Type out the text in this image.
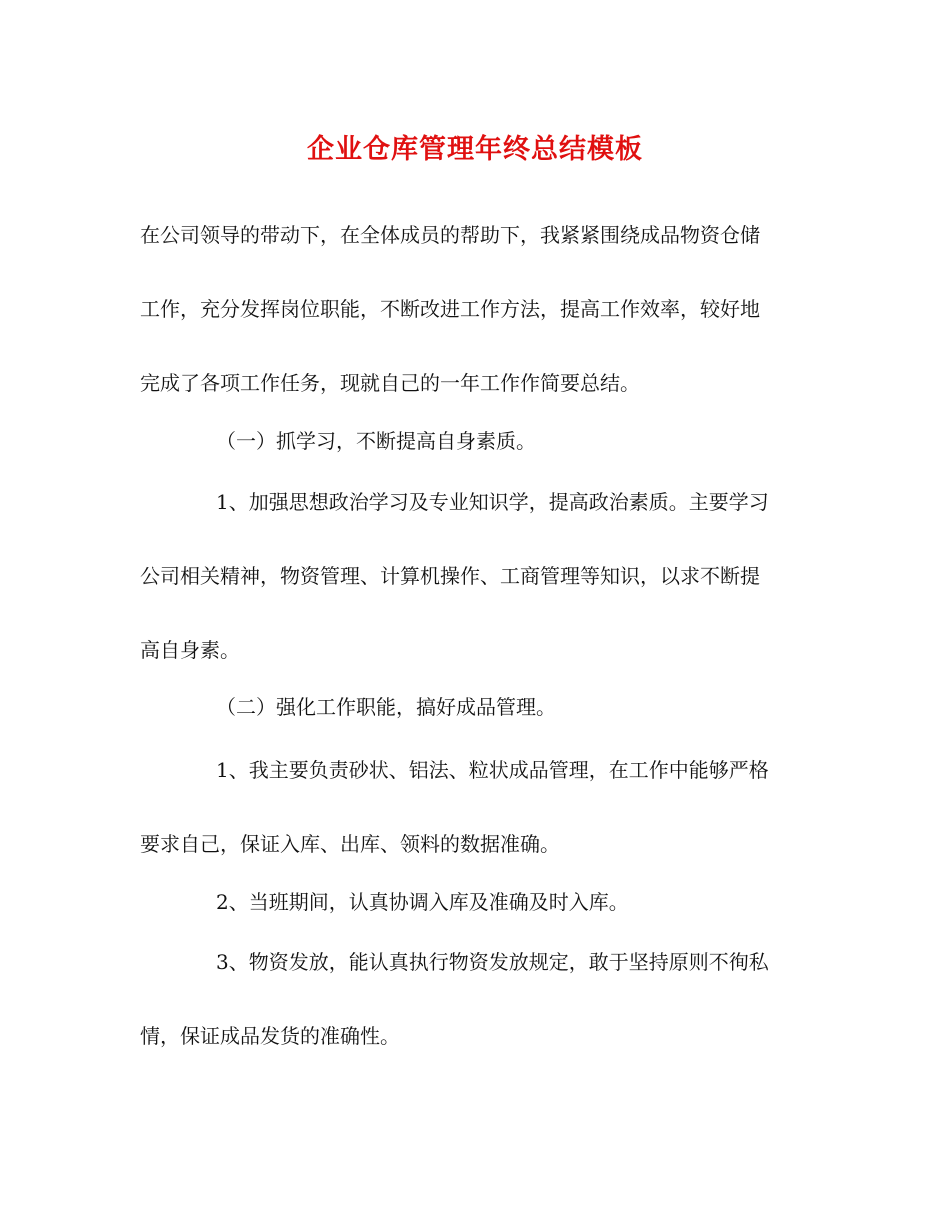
企业仓库管理年终总结模板
在公司领导的带动下，在全体成员的帮助下，我紧紧围绕成品物资仓储
工作，充分发挥岗位职能，不断改进工作方法，提高工作效率，较好地
完成了各项工作任务，现就自己的一年工作作简要总结。
（一）抓学习，不断提高自身素质。
1、加强思想政治学习及专业知识学，提高政治素质。主要学习
公司相关精神，物资管理、计算机操作、工商管理等知识，以求不断提
高自身素。
（二）强化工作职能，搞好成品管理。
1、我主要负责砂状、铝法、粒状成品管理，在工作中能够严格
要求自己，保证入库、出库、领料的数据准确。
2、当班期间，认真协调入库及准确及时入库。
3、物资发放，能认真执行物资发放规定，敢于坚持原则不徇私
情，保证成品发货的准确性。
